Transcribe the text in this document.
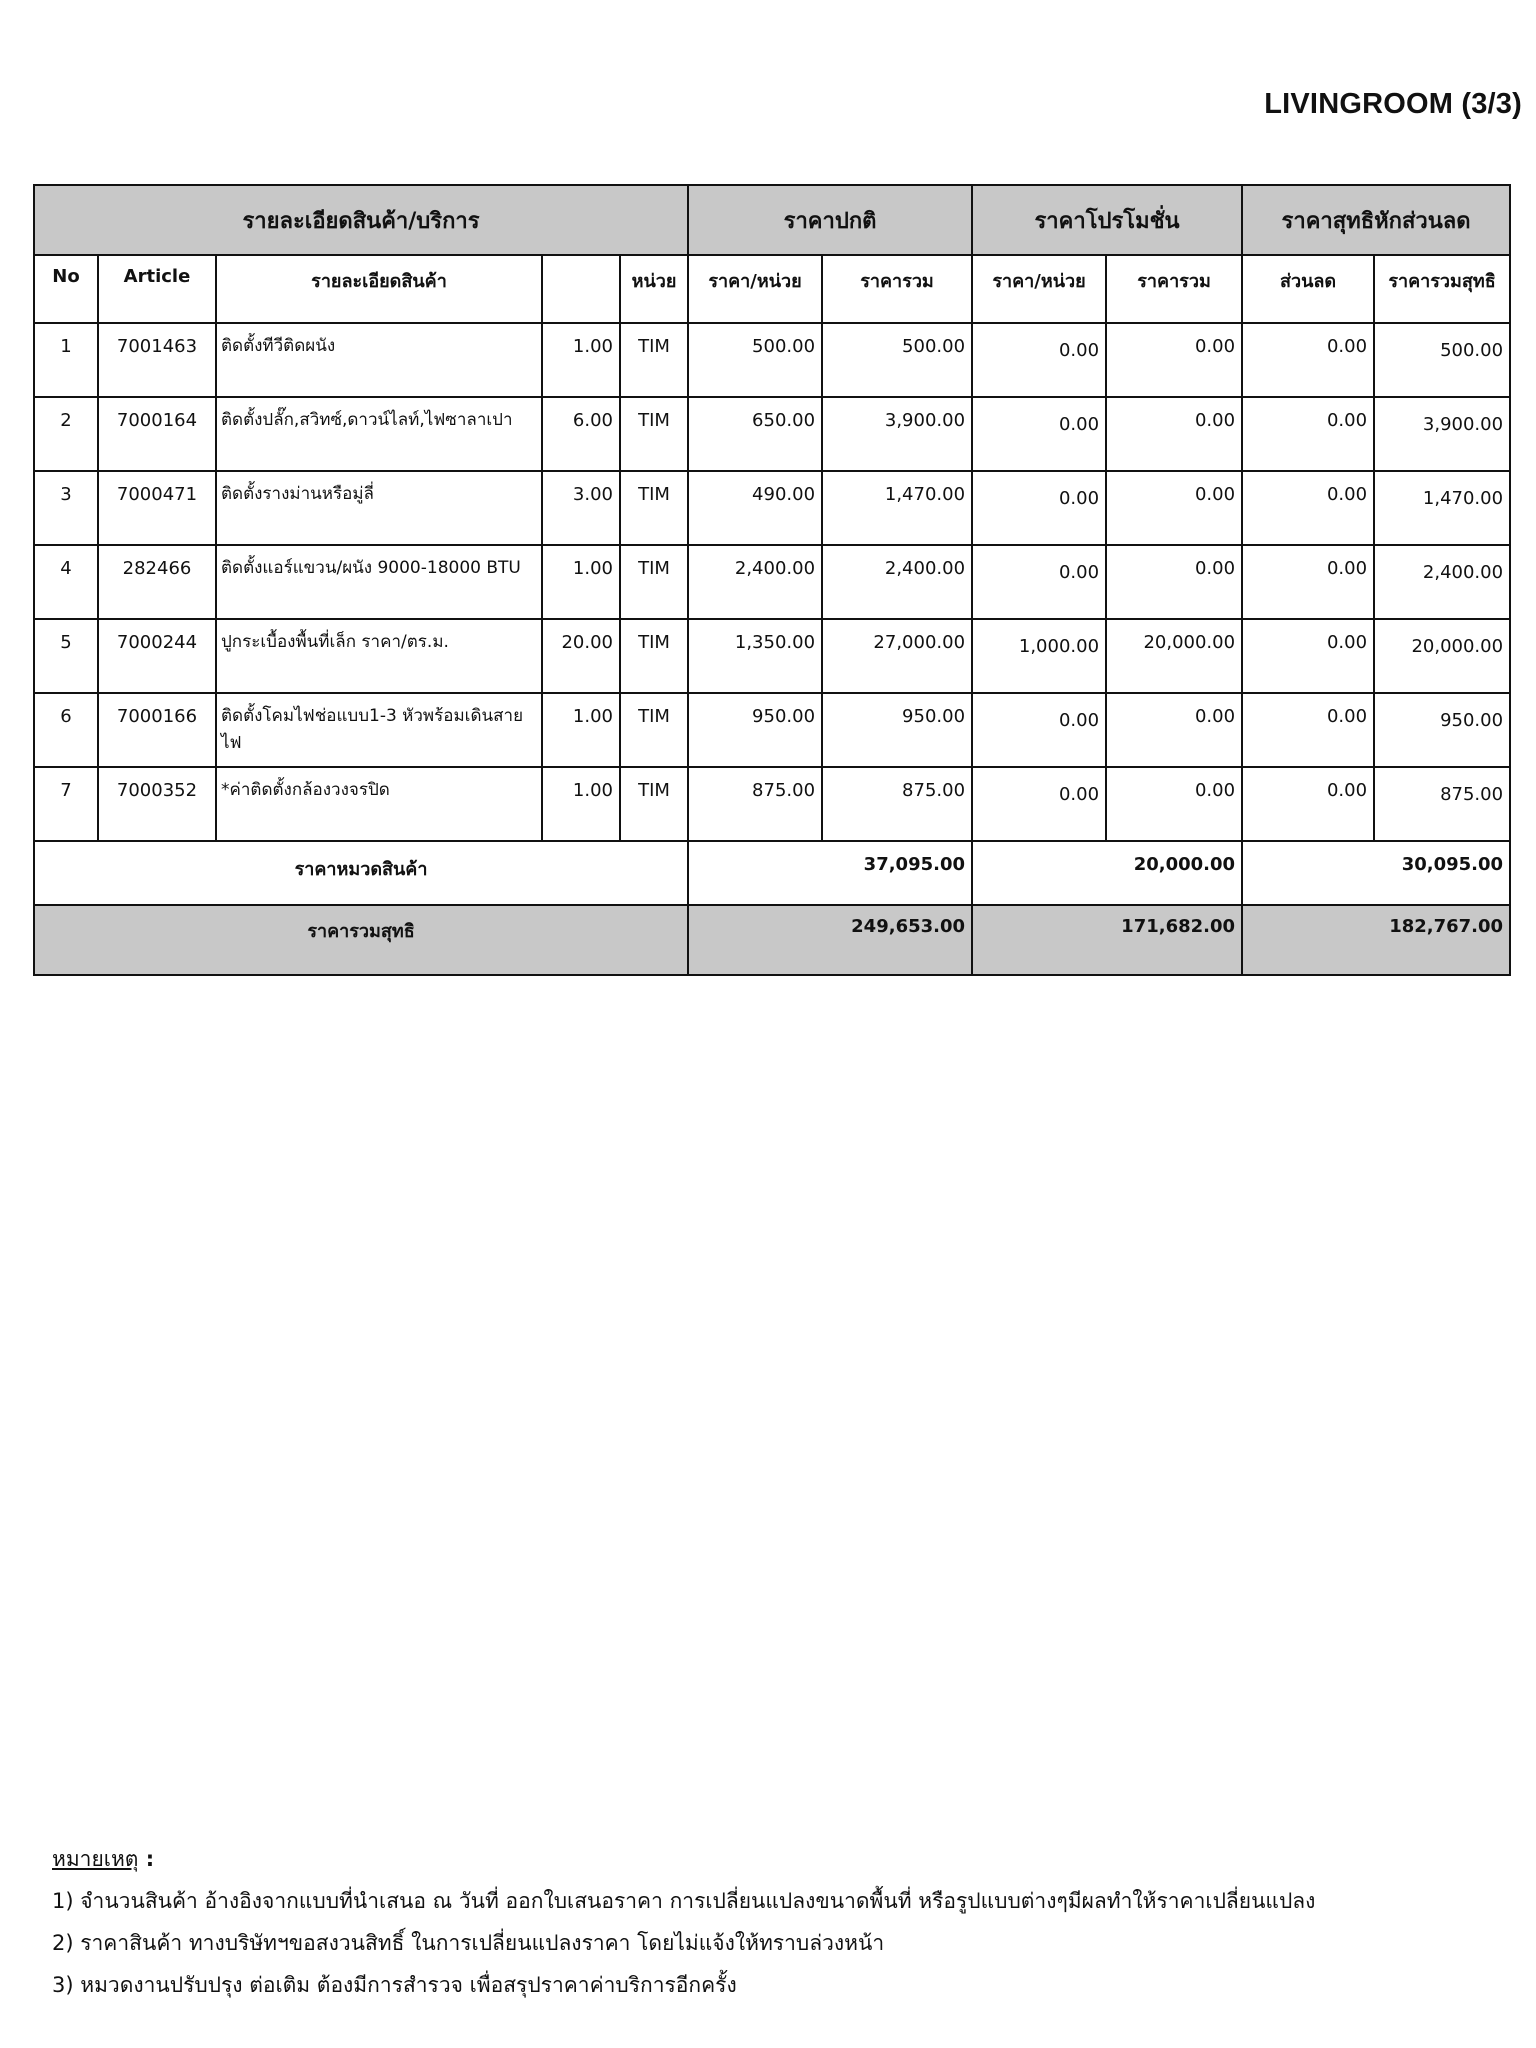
LIVINGROOM (3/3)
รายละเอียดสินค้า/บริการ					ราคาปกติ		ราคาโปรโมชั่น		ราคาสุทธิหักส่วนลด	
No	Article	รายละเอียดสินค้า		หน่วย	ราคา/หน่วย	ราคารวม	ราคา/หน่วย	ราคารวม	ส่วนลด	ราคารวมสุทธิ
1	7001463	ติดตั้งทีวีติดผนัง	1.00	TIM	500.00	500.00	0.00	0.00	0.00	500.00
2	7000164	ติดตั้งปลั๊ก,สวิทซ์,ดาวน์ไลท์,ไฟซาลาเปา	6.00	TIM	650.00	3,900.00	0.00	0.00	0.00	3,900.00
3	7000471	ติดตั้งรางม่านหรือมู่ลี่	3.00	TIM	490.00	1,470.00	0.00	0.00	0.00	1,470.00
4	282466	ติดตั้งแอร์แขวน/ผนัง 9000-18000 BTU	1.00	TIM	2,400.00	2,400.00	0.00	0.00	0.00	2,400.00
5	7000244	ปูกระเบื้องพื้นที่เล็ก ราคา/ตร.ม.	20.00	TIM	1,350.00	27,000.00	1,000.00	20,000.00	0.00	20,000.00
6	7000166	ติดตั้งโคมไฟช่อแบบ1-3 หัวพร้อมเดินสายไฟ	1.00	TIM	950.00	950.00	0.00	0.00	0.00	950.00
7	7000352	*ค่าติดตั้งกล้องวงจรปิด	1.00	TIM	875.00	875.00	0.00	0.00	0.00	875.00
ราคาหมวดสินค้า					37,095.00		20,000.00		30,095.00	
ราคารวมสุทธิ					249,653.00		171,682.00		182,767.00	
หมายเหตุ :
1) จำนวนสินค้า อ้างอิงจากแบบที่นำเสนอ ณ วันที่ ออกใบเสนอราคา การเปลี่ยนแปลงขนาดพื้นที่ หรือรูปแบบต่างๆมีผลทำให้ราคาเปลี่ยนแปลง
2) ราคาสินค้า ทางบริษัทฯขอสงวนสิทธิ์ ในการเปลี่ยนแปลงราคา โดยไม่แจ้งให้ทราบล่วงหน้า
3) หมวดงานปรับปรุง ต่อเติม ต้องมีการสำรวจ เพื่อสรุปราคาค่าบริการอีกครั้ง
